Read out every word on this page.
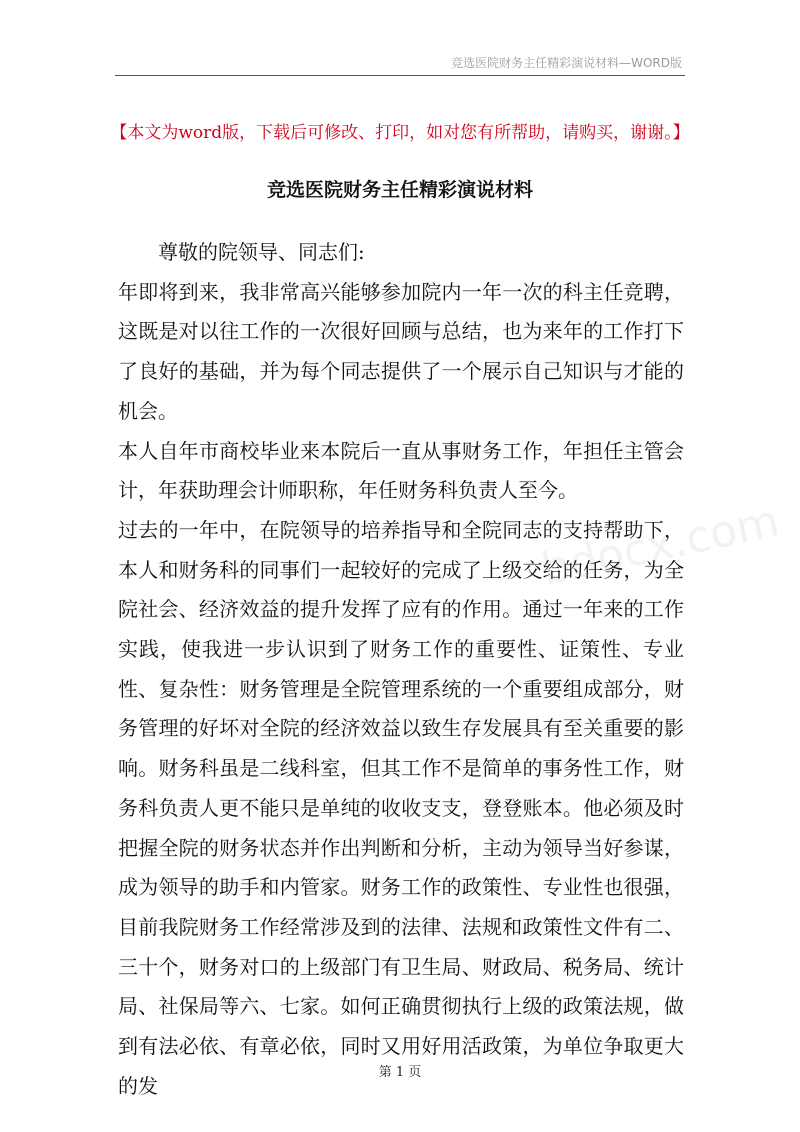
竞选医院财务主任精彩演说材料—WORD版
【本文为word版，下载后可修改、打印，如对您有所帮助，请购买，谢谢。】
竞选医院财务主任精彩演说材料

尊敬的院领导、同志们:

年即将到来，我非常高兴能够参加院内一年一次的科主任竞聘，这既是对以往工作的一次很好回顾与总结，也为来年的工作打下了良好的基础，并为每个同志提供了一个展示自己知识与才能的机会。

本人自年市商校毕业来本院后一直从事财务工作，年担任主管会计，年获助理会计师职称，年任财务科负责人至今。

过去的一年中，在院领导的培养指导和全院同志的支持帮助下，本人和财务科的同事们一起较好的完成了上级交给的任务，为全院社会、经济效益的提升发挥了应有的作用。通过一年来的工作实践，使我进一步认识到了财务工作的重要性、证策性、专业性、复杂性：财务管理是全院管理系统的一个重要组成部分，财务管理的好坏对全院的经济效益以致生存发展具有至关重要的影响。财务科虽是二线科室，但其工作不是简单的事务性工作，财务科负责人更不能只是单纯的收收支支，登登账本。他必须及时把握全院的财务状态并作出判断和分析，主动为领导当好参谋，成为领导的助手和内管家。财务工作的政策性、专业性也很强，目前我院财务工作经常涉及到的法律、法规和政策性文件有二、三十个，财务对口的上级部门有卫生局、财政局、税务局、统计局、社保局等六、七家。如何正确贯彻执行上级的政策法规，做到有法必依、有章必依，同时又用好用活政策，为单位争取更大的发

bdocx.com
第 1 页
